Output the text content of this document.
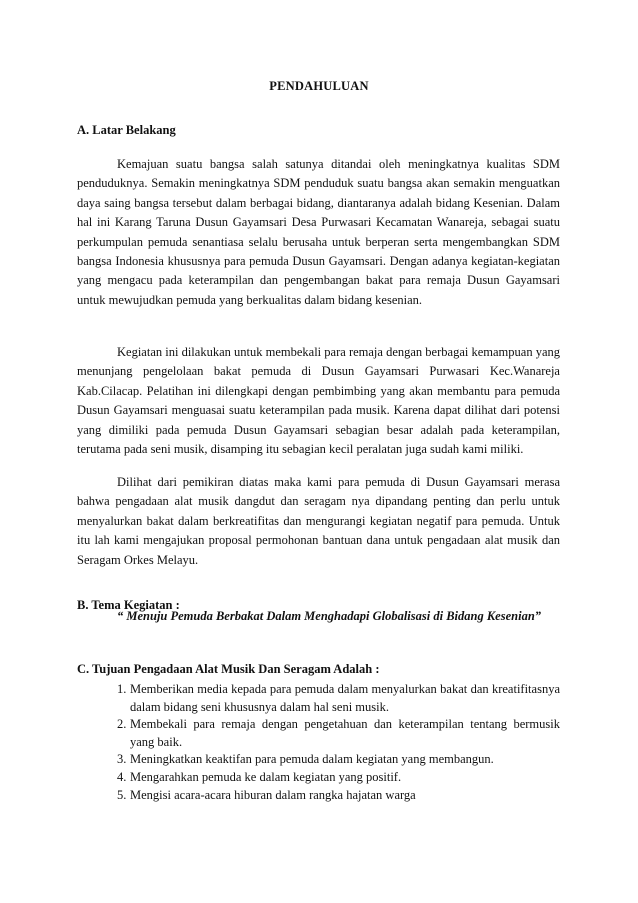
PENDAHULUAN
A. Latar Belakang

Kemajuan suatu bangsa salah satunya ditandai oleh meningkatnya kualitas SDM penduduknya. Semakin meningkatnya SDM penduduk suatu bangsa akan semakin menguatkan daya saing bangsa tersebut dalam berbagai bidang, diantaranya adalah bidang Kesenian. Dalam hal ini Karang Taruna Dusun Gayamsari Desa Purwasari Kecamatan Wanareja, sebagai suatu perkumpulan pemuda senantiasa selalu berusaha untuk berperan serta mengembangkan SDM bangsa Indonesia khususnya para pemuda Dusun Gayamsari. Dengan adanya kegiatan-kegiatan yang mengacu pada keterampilan dan pengembangan bakat para remaja Dusun Gayamsari untuk mewujudkan pemuda yang berkualitas dalam bidang kesenian.

Kegiatan ini dilakukan untuk membekali para remaja dengan berbagai kemampuan yang menunjang pengelolaan bakat pemuda di Dusun Gayamsari Purwasari Kec.Wanareja Kab.Cilacap. Pelatihan ini dilengkapi dengan pembimbing yang akan membantu para pemuda Dusun Gayamsari menguasai suatu keterampilan pada musik. Karena dapat dilihat dari potensi yang dimiliki pada pemuda Dusun Gayamsari sebagian besar adalah pada keterampilan, terutama pada seni musik, disamping itu sebagian kecil peralatan juga sudah kami miliki.

Dilihat dari pemikiran diatas maka kami para pemuda di Dusun Gayamsari merasa bahwa pengadaan alat musik dangdut dan seragam nya dipandang penting dan perlu untuk menyalurkan bakat dalam berkreatifitas dan mengurangi kegiatan negatif para pemuda. Untuk itu lah kami mengajukan proposal permohonan bantuan dana untuk pengadaan alat musik dan Seragam Orkes Melayu.

B. Tema Kegiatan :
“ Menuju Pemuda Berbakat Dalam Menghadapi Globalisasi di Bidang Kesenian”
C. Tujuan Pengadaan Alat Musik Dan Seragam Adalah :
1. Memberikan media kepada para pemuda dalam menyalurkan bakat dan kreatifitasnya dalam bidang seni khususnya dalam hal seni musik.
2. Membekali para remaja dengan pengetahuan dan keterampilan tentang bermusik yang baik.
3. Meningkatkan keaktifan para pemuda dalam kegiatan yang membangun.
4. Mengarahkan pemuda ke dalam kegiatan yang positif.
5. Mengisi acara-acara hiburan dalam rangka hajatan warga
